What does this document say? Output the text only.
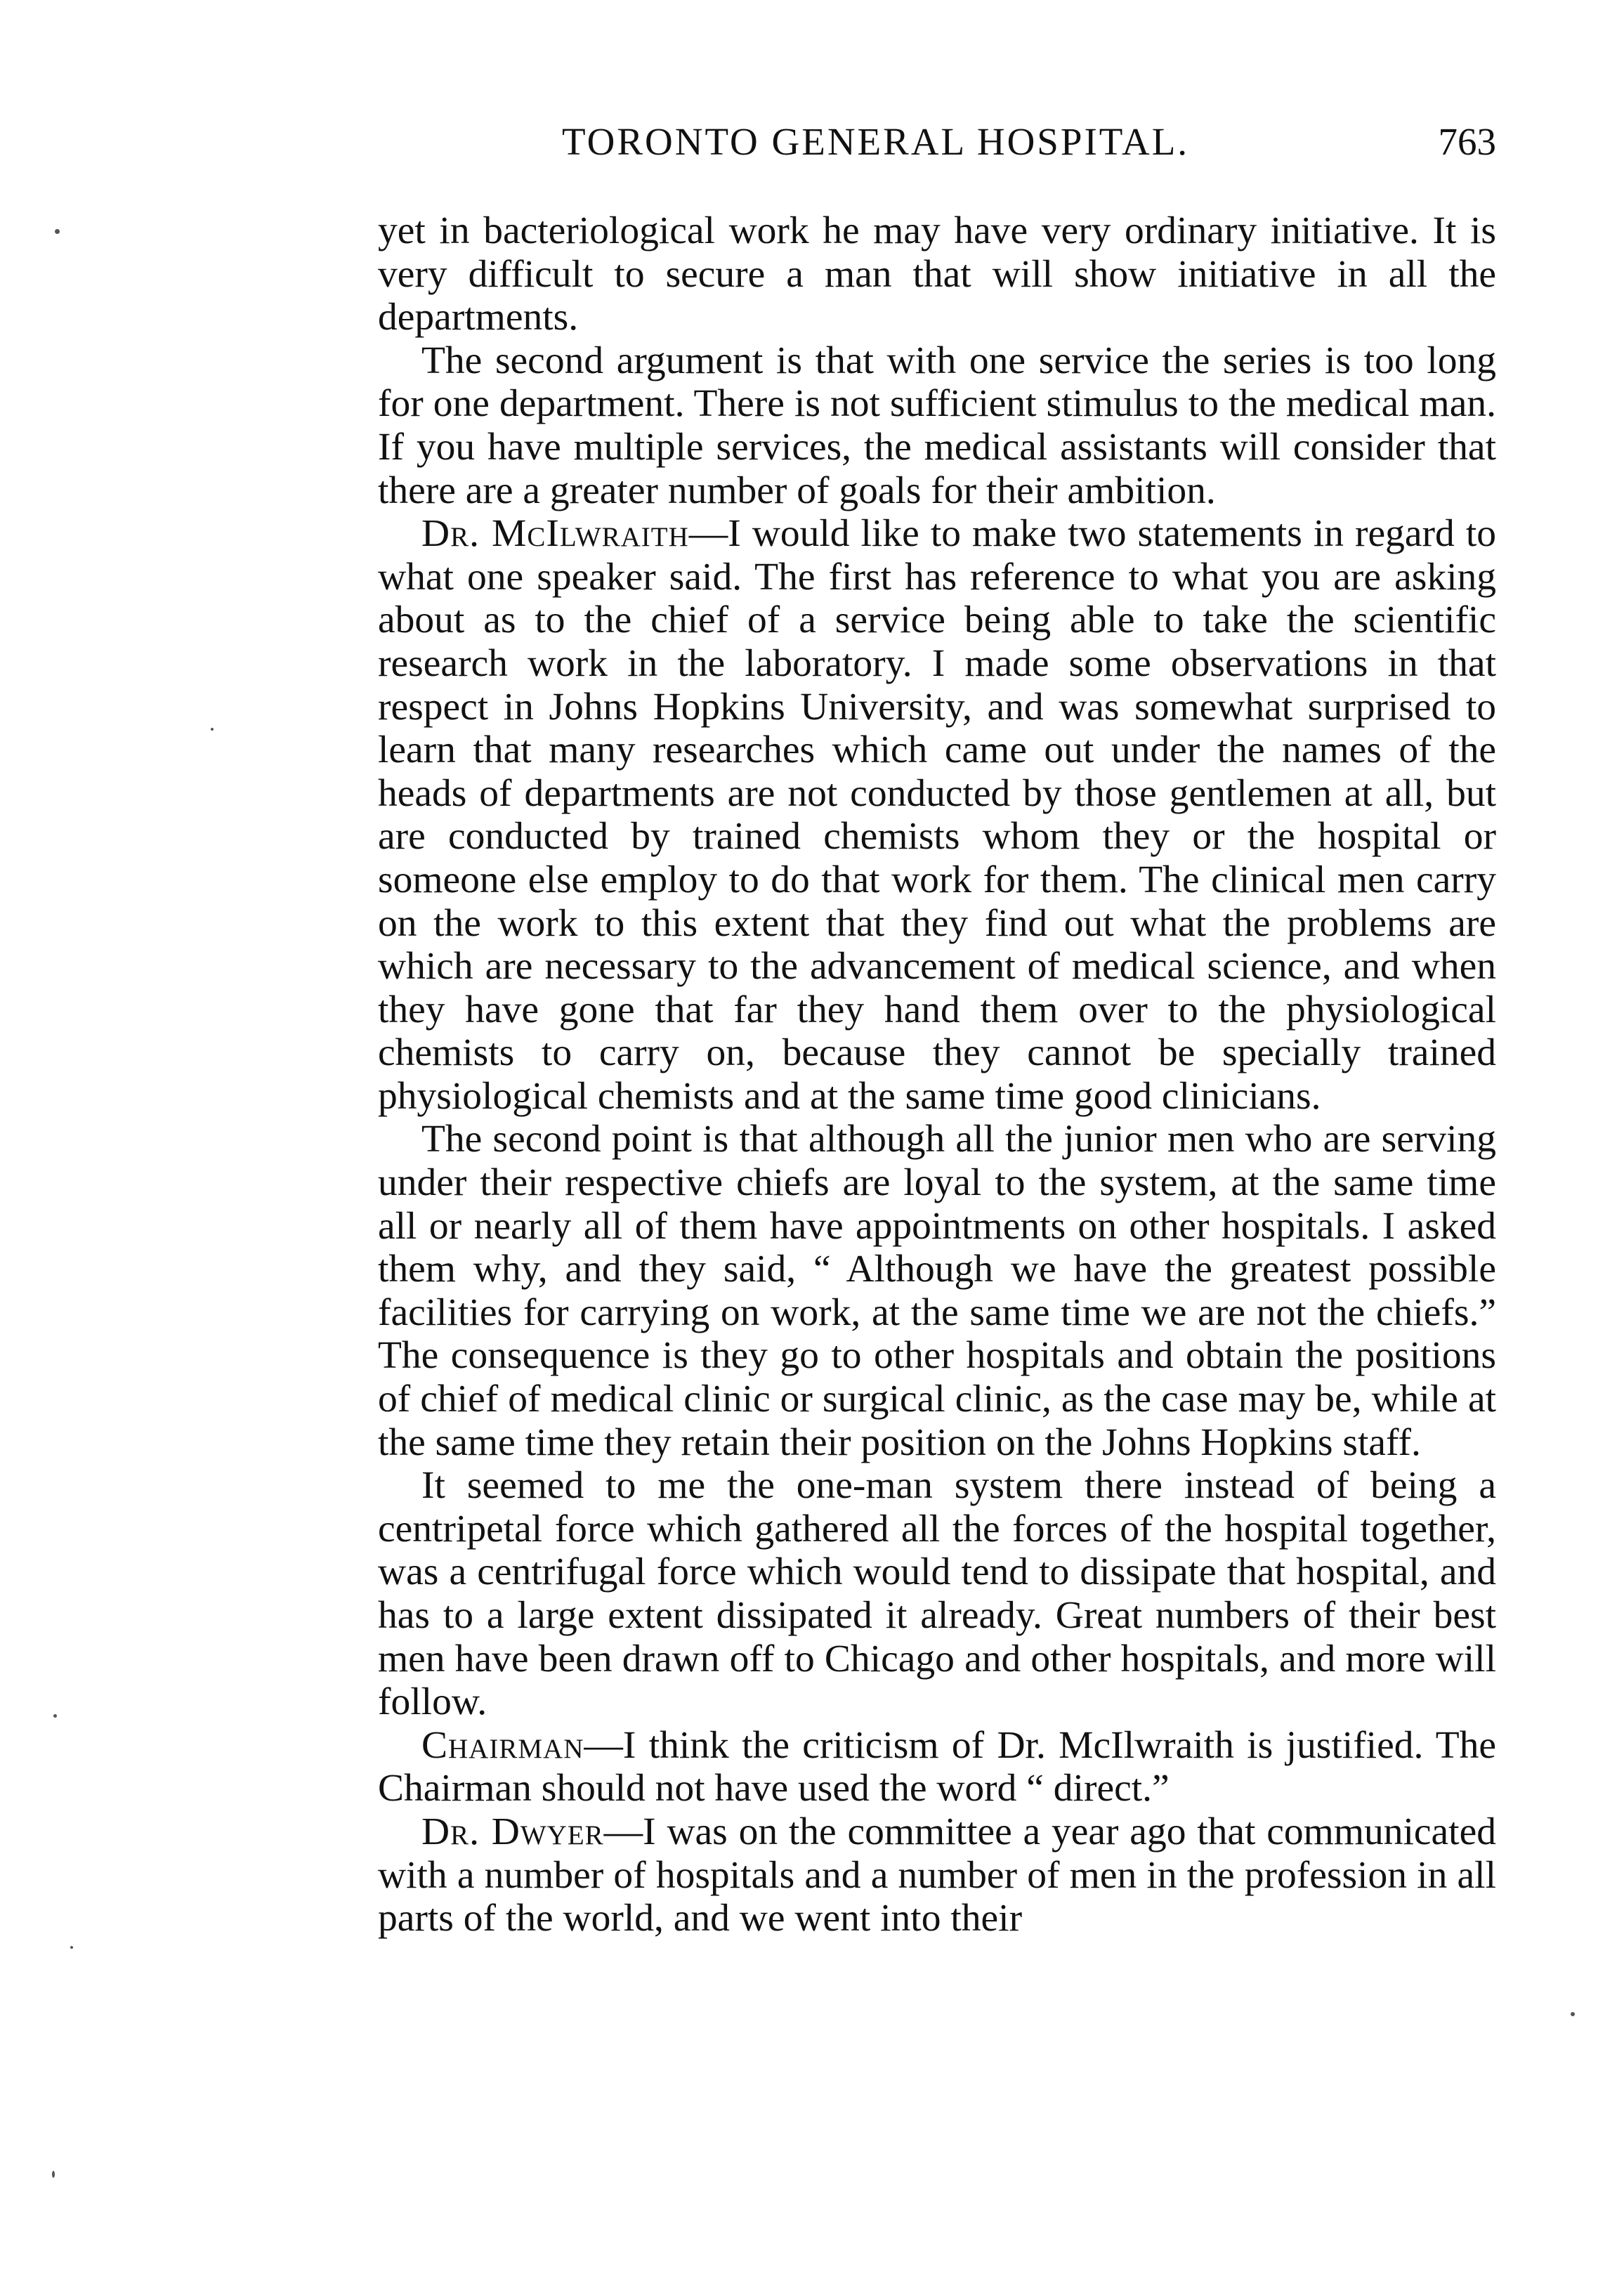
TORONTO GENERAL HOSPITAL.	763

yet in bacteriological work he may have very ordinary initiative. It is very difficult to secure a man that will show initiative in all the departments.

The second argument is that with one service the series is too long for one department. There is not sufficient stimulus to the medical man. If you have multiple services, the medical assistants will consider that there are a greater number of goals for their ambition.

Dr. McIlwraith—I would like to make two statements in regard to what one speaker said. The first has reference to what you are asking about as to the chief of a service being able to take the scientific research work in the laboratory. I made some observations in that respect in Johns Hopkins University, and was somewhat surprised to learn that many researches which came out under the names of the heads of departments are not conducted by those gentlemen at all, but are conducted by trained chemists whom they or the hospital or someone else employ to do that work for them. The clinical men carry on the work to this extent that they find out what the problems are which are necessary to the advancement of medical science, and when they have gone that far they hand them over to the physiological chemists to carry on, because they cannot be specially trained physiological chemists and at the same time good clinicians.

The second point is that although all the junior men who are serving under their respective chiefs are loyal to the system, at the same time all or nearly all of them have appointments on other hospitals. I asked them why, and they said, “ Although we have the greatest possible facilities for carrying on work, at the same time we are not the chiefs.” The consequence is they go to other hospitals and obtain the positions of chief of medical clinic or surgical clinic, as the case may be, while at the same time they retain their position on the Johns Hopkins staff.

It seemed to me the one-man system there instead of being a centripetal force which gathered all the forces of the hospital together, was a centrifugal force which would tend to dissipate that hospital, and has to a large extent dissipated it already. Great numbers of their best men have been drawn off to Chicago and other hospitals, and more will follow.

Chairman—I think the criticism of Dr. McIlwraith is justified. The Chairman should not have used the word “ direct.”

Dr. Dwyer—I was on the committee a year ago that communicated with a number of hospitals and a number of men in the profession in all parts of the world, and we went into their
